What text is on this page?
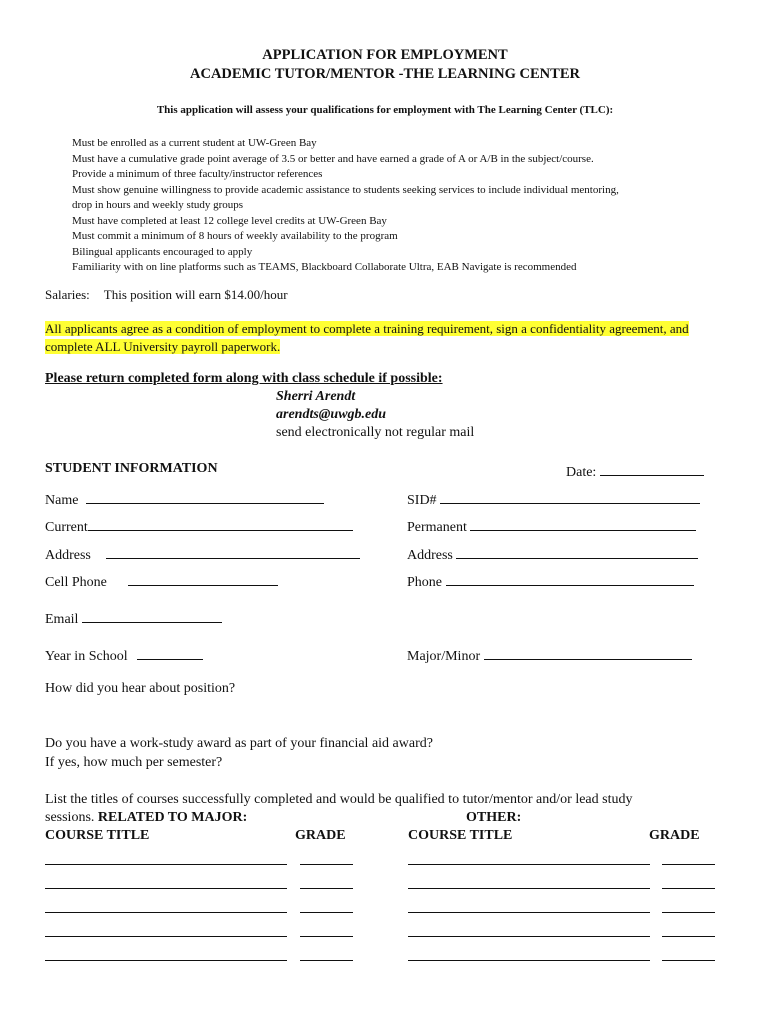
APPLICATION FOR EMPLOYMENT
ACADEMIC TUTOR/MENTOR -THE LEARNING CENTER
This application will assess your qualifications for employment with The Learning Center (TLC):
Must be enrolled as a current student at UW-Green Bay
Must have a cumulative grade point average of 3.5 or better and have earned a grade of A or A/B in the subject/course.
Provide a minimum of three faculty/instructor references
Must show genuine willingness to provide academic assistance to students seeking services to include individual mentoring,
drop in hours and weekly study groups
Must have completed at least 12 college level credits at UW-Green Bay
Must commit a minimum of 8 hours of weekly availability to the program
Bilingual applicants encouraged to apply
Familiarity with on line platforms such as TEAMS, Blackboard Collaborate Ultra, EAB Navigate is recommended
Salaries: This position will earn $14.00/hour
All applicants agree as a condition of employment to complete a training requirement, sign a confidentiality agreement, and complete ALL University payroll paperwork.
Please return completed form along with class schedule if possible:
Sherri Arendt
arendts@uwgb.edu
send electronically not regular mail
STUDENT INFORMATION	Date:
Name	SID#
Current	Permanent
Address	Address
Cell Phone	Phone
Email
Year in School	Major/Minor
How did you hear about position?
Do you have a work-study award as part of your financial aid award?
If yes, how much per semester?
List the titles of courses successfully completed and would be qualified to tutor/mentor and/or lead study
sessions. RELATED TO MAJOR:	OTHER:
COURSE TITLE	GRADE	COURSE TITLE	GRADE
